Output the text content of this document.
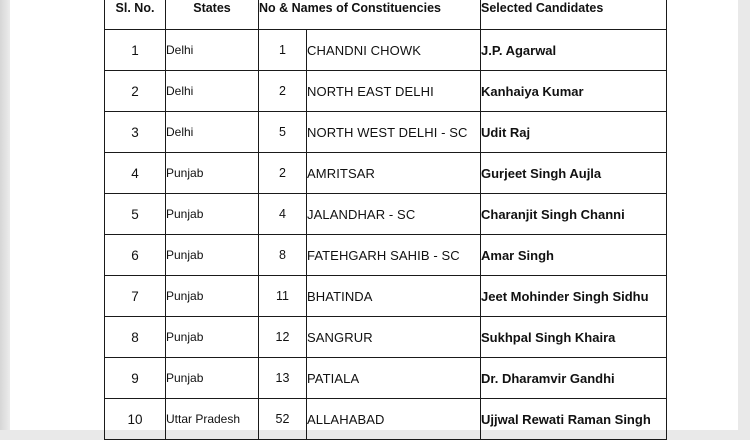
Sl. No.	States	No & Names of Constituencies		Selected Candidates
1	Delhi	1	CHANDNI CHOWK	J.P. Agarwal
2	Delhi	2	NORTH EAST DELHI	Kanhaiya Kumar
3	Delhi	5	NORTH WEST DELHI - SC	Udit Raj
4	Punjab	2	AMRITSAR	Gurjeet Singh Aujla
5	Punjab	4	JALANDHAR - SC	Charanjit Singh Channi
6	Punjab	8	FATEHGARH SAHIB - SC	Amar Singh
7	Punjab	11	BHATINDA	Jeet Mohinder Singh Sidhu
8	Punjab	12	SANGRUR	Sukhpal Singh Khaira
9	Punjab	13	PATIALA	Dr. Dharamvir Gandhi
10	Uttar Pradesh	52	ALLAHABAD	Ujjwal Rewati Raman Singh
